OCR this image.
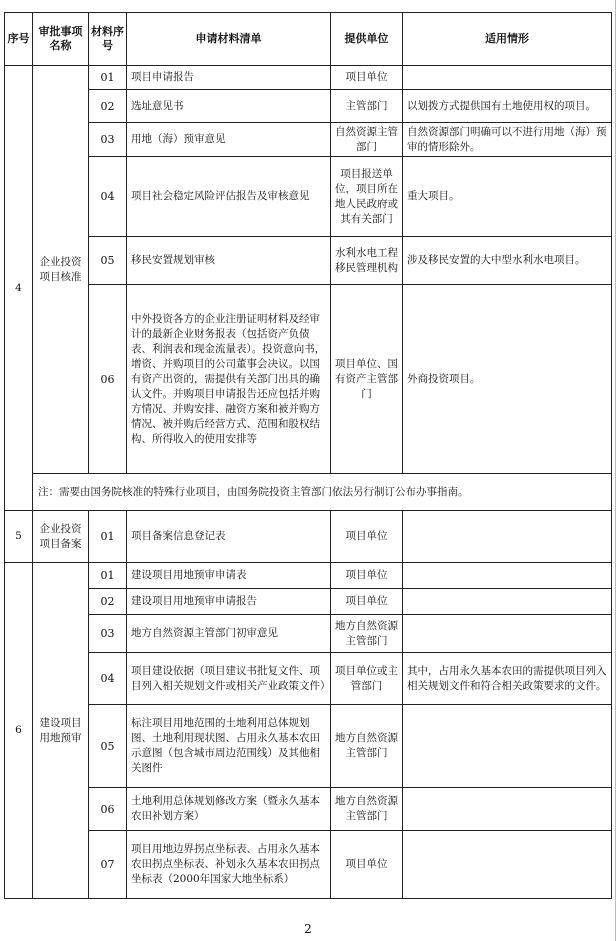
序号	审批事项名称	材料序号	申请材料清单	提供单位	适用情形
4	企业投资项目核准	01	项目申请报告	项目单位	
		02	选址意见书	主管部门	以划拨方式提供国有土地使用权的项目。
		03	用地（海）预审意见	自然资源主管部门	自然资源部门明确可以不进行用地（海）预审的情形除外。
		04	项目社会稳定风险评估报告及审核意见	项目报送单位，项目所在地人民政府或其有关部门	重大项目。
		05	移民安置规划审核	水利水电工程移民管理机构	涉及移民安置的大中型水利水电项目。
		06	中外投资各方的企业注册证明材料及经审计的最新企业财务报表（包括资产负债表、利润表和现金流量表）。投资意向书，增资、并购项目的公司董事会决议。以国有资产出资的，需提供有关部门出具的确认文件。并购项目申请报告还应包括并购方情况、并购安排、融资方案和被并购方情况、被并购后经营方式、范围和股权结构、所得收入的使用安排等	项目单位、国有资产主管部门	外商投资项目。
	注：需要由国务院核准的特殊行业项目，由国务院投资主管部门依法另行制订公布办事指南。				
5	企业投资项目备案	01	项目备案信息登记表	项目单位	
6	建设项目用地预审	01	建设项目用地预审申请表	项目单位	
		02	建设项目用地预审申请报告	项目单位	
		03	地方自然资源主管部门初审意见	地方自然资源主管部门	
		04	项目建设依据（项目建议书批复文件、项目列入相关规划文件或相关产业政策文件）	项目单位或主管部门	其中，占用永久基本农田的需提供项目列入相关规划文件和符合相关政策要求的文件。
		05	标注项目用地范围的土地利用总体规划图、土地利用现状图、占用永久基本农田示意图（包含城市周边范围线）及其他相关图件	地方自然资源主管部门	
		06	土地利用总体规划修改方案（暨永久基本农田补划方案）	地方自然资源主管部门	
		07	项目用地边界拐点坐标表、占用永久基本农田拐点坐标表、补划永久基本农田拐点坐标表（2000年国家大地坐标系）	项目单位	
2
